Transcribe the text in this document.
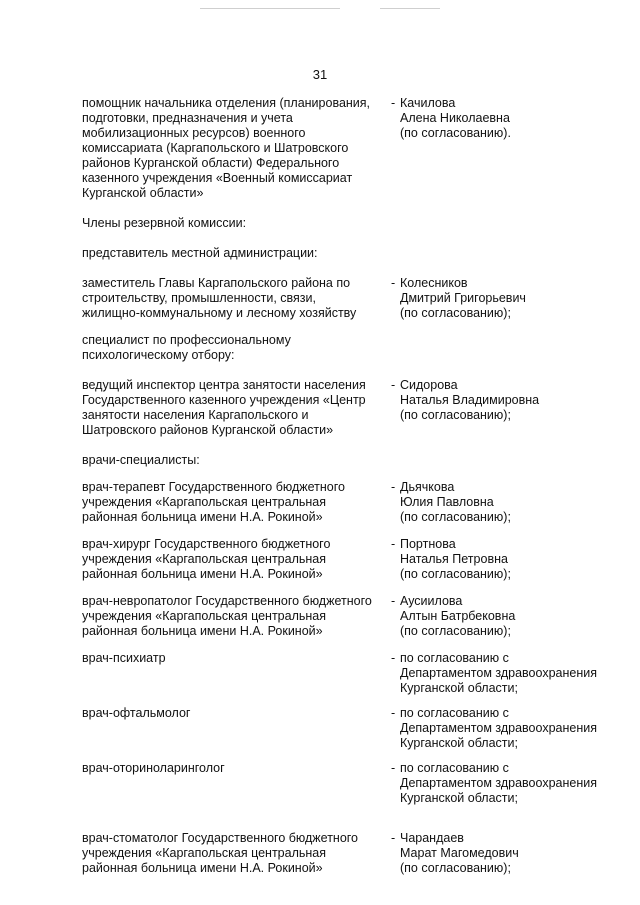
31
помощник начальника отделения (планирования,
подготовки, предназначения и учета
мобилизационных ресурсов) военного
комиссариата (Каргапольского и Шатровского
районов Курганской области) Федерального
казенного учреждения «Военный комиссариат
Курганской области»
- Качилова
Алена Николаевна
(по согласованию).
Члены резервной комиссии:
представитель местной администрации:
заместитель Главы Каргапольского района по
строительству, промышленности, связи,
жилищно-коммунальному и лесному хозяйству
- Колесников
Дмитрий Григорьевич
(по согласованию);
специалист по профессиональному
психологическому отбору:
ведущий инспектор центра занятости населения
Государственного казенного учреждения «Центр
занятости населения Каргапольского и
Шатровского районов Курганской области»
- Сидорова
Наталья Владимировна
(по согласованию);
врачи-специалисты:
врач-терапевт Государственного бюджетного
учреждения «Каргапольская центральная
районная больница имени Н.А. Рокиной»
- Дьячкова
Юлия Павловна
(по согласованию);
врач-хирург Государственного бюджетного
учреждения «Каргапольская центральная
районная больница имени Н.А. Рокиной»
- Портнова
Наталья Петровна
(по согласованию);
врач-невропатолог Государственного бюджетного
учреждения «Каргапольская центральная
районная больница имени Н.А. Рокиной»
- Аусиилова
Алтын Батрбековна
(по согласованию);
врач-психиатр	- по согласованию с
Департаментом здравоохранения
Курганской области;
врач-офтальмолог	- по согласованию с
Департаментом здравоохранения
Курганской области;
врач-оториноларинголог	- по согласованию с
Департаментом здравоохранения
Курганской области;
врач-стоматолог Государственного бюджетного
учреждения «Каргапольская центральная
районная больница имени Н.А. Рокиной»
- Чарандаев
Марат Магомедович
(по согласованию);
